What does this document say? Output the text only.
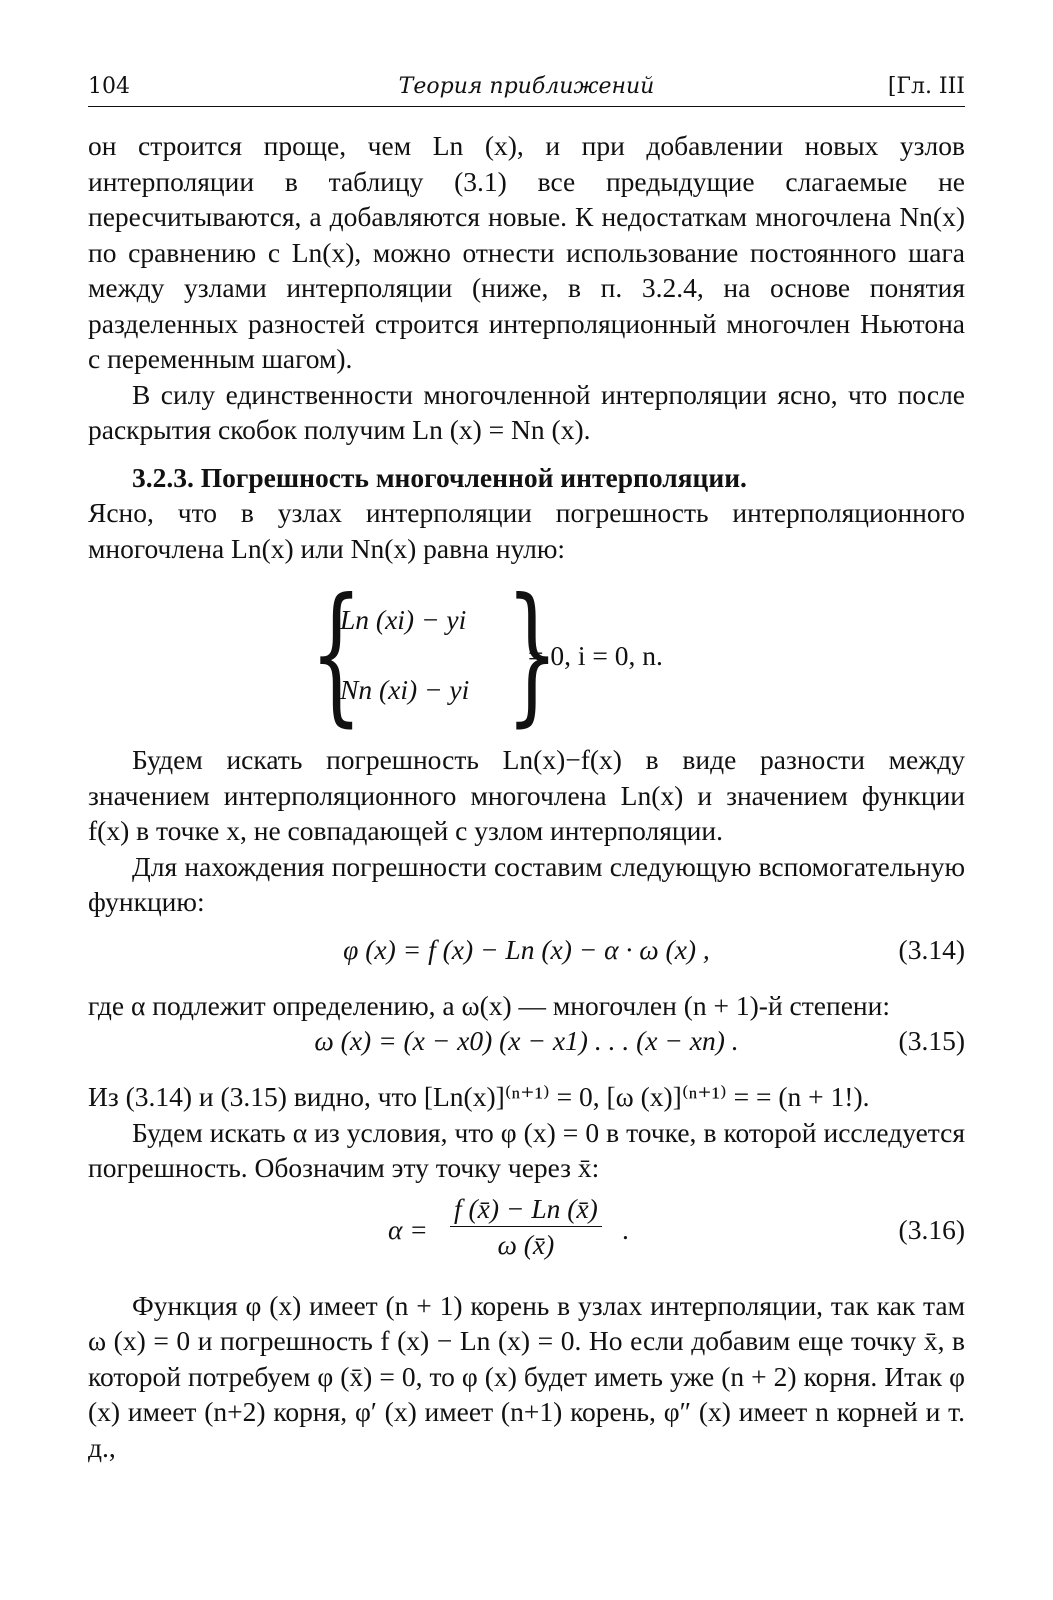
104	Теория приближений	[Гл. III

он строится проще, чем Ln (x), и при добавлении новых узлов интерполяции в таблицу (3.1) все предыдущие слагаемые не пересчитываются, а добавляются новые. К недостаткам многочлена Nn(x) по сравнению с Ln(x), можно отнести использование постоянного шага между узлами интерполяции (ниже, в п. 3.2.4, на основе понятия разделенных разностей строится интерполяционный многочлен Ньютона с переменным шагом).

В силу единственности многочленной интерполяции ясно, что после раскрытия скобок получим Ln (x) = Nn (x).

3.2.3. Погрешность многочленной интерполяции.

Ясно, что в узлах интерполяции погрешность интерполяционного многочлена Ln(x) или Nn(x) равна нулю:

{
Ln (xi) − yi
Nn (xi) − yi }
= 0, i = 0, n.

Будем искать погрешность Ln(x)−f(x) в виде разности между значением интерполяционного многочлена Ln(x) и значением функции f(x) в точке x, не совпадающей с узлом интерполяции.

Для нахождения погрешности составим следующую вспомогательную функцию:

φ (x) = f (x) − Ln (x) − α · ω (x) ,	(3.14)

где α подлежит определению, а ω(x) — многочлен (n + 1)-й степени:

ω (x) = (x − x0) (x − x1) . . . (x − xn) .	(3.15)

Из (3.14) и (3.15) видно, что [Ln(x)]⁽ⁿ⁺¹⁾ = 0, [ω (x)]⁽ⁿ⁺¹⁾ = = (n + 1!).

Будем искать α из условия, что φ (x) = 0 в точке, в которой исследуется погрешность. Обозначим эту точку через x̄:

$\alpha = \frac{f (x̄) - Ln (x̄)}{\omega (x̄)}$ .	(3.16)

Функция φ (x) имеет (n + 1) корень в узлах интерполяции, так как там ω (x) = 0 и погрешность f (x) − Ln (x) = 0. Но если добавим еще точку x̄, в которой потребуем φ (x̄) = 0, то φ (x) будет иметь уже (n + 2) корня. Итак φ (x) имеет (n+2) корня, φ′ (x) имеет (n+1) корень, φ″ (x) имеет n корней и т. д.,
